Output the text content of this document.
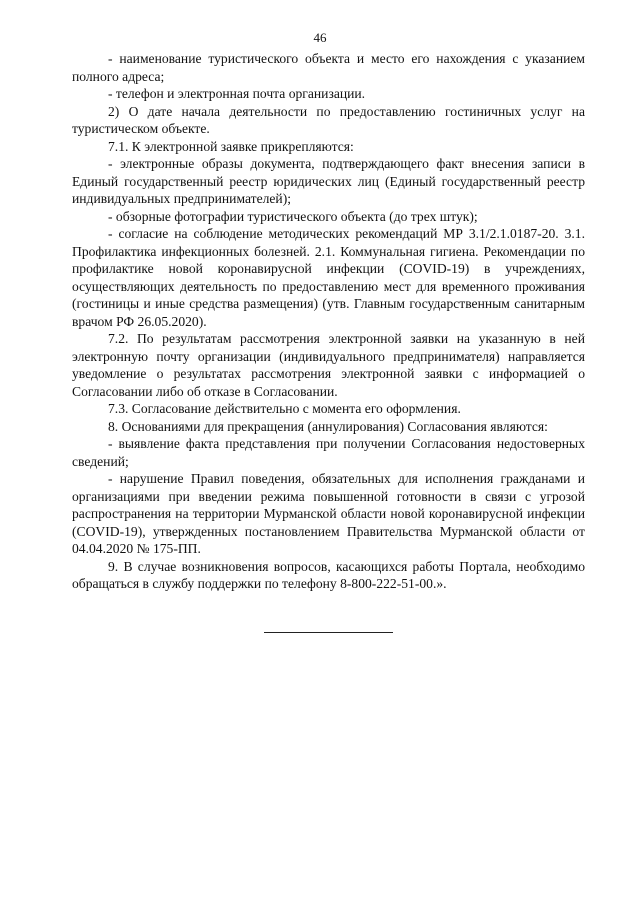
46

- наименование туристического объекта и место его нахождения с указанием полного адреса;

- телефон и электронная почта организации.

2) О дате начала деятельности по предоставлению гостиничных услуг на туристическом объекте.

7.1. К электронной заявке прикрепляются:

- электронные образы документа, подтверждающего факт внесения записи в Единый государственный реестр юридических лиц (Единый государственный реестр индивидуальных предпринимателей);

- обзорные фотографии туристического объекта (до трех штук);

- согласие на соблюдение методических рекомендаций МР 3.1/2.1.0187-20. 3.1. Профилактика инфекционных болезней. 2.1. Коммунальная гигиена. Рекомендации по профилактике новой коронавирусной инфекции (COVID-19) в учреждениях, осуществляющих деятельность по предоставлению мест для временного проживания (гостиницы и иные средства размещения) (утв. Главным государственным санитарным врачом РФ 26.05.2020).

7.2. По результатам рассмотрения электронной заявки на указанную в ней электронную почту организации (индивидуального предпринимателя) направляется уведомление о результатах рассмотрения электронной заявки с информацией о Согласовании либо об отказе в Согласовании.

7.3. Согласование действительно с момента его оформления.

8. Основаниями для прекращения (аннулирования) Согласования являются:

- выявление факта представления при получении Согласования недостоверных сведений;

- нарушение Правил поведения, обязательных для исполнения гражданами и организациями при введении режима повышенной готовности в связи с угрозой распространения на территории Мурманской области новой коронавирусной инфекции (COVID-19), утвержденных постановлением Правительства Мурманской области от 04.04.2020 № 175-ПП.

9. В случае возникновения вопросов, касающихся работы Портала, необходимо обращаться в службу поддержки по телефону 8-800-222-51-00.».
